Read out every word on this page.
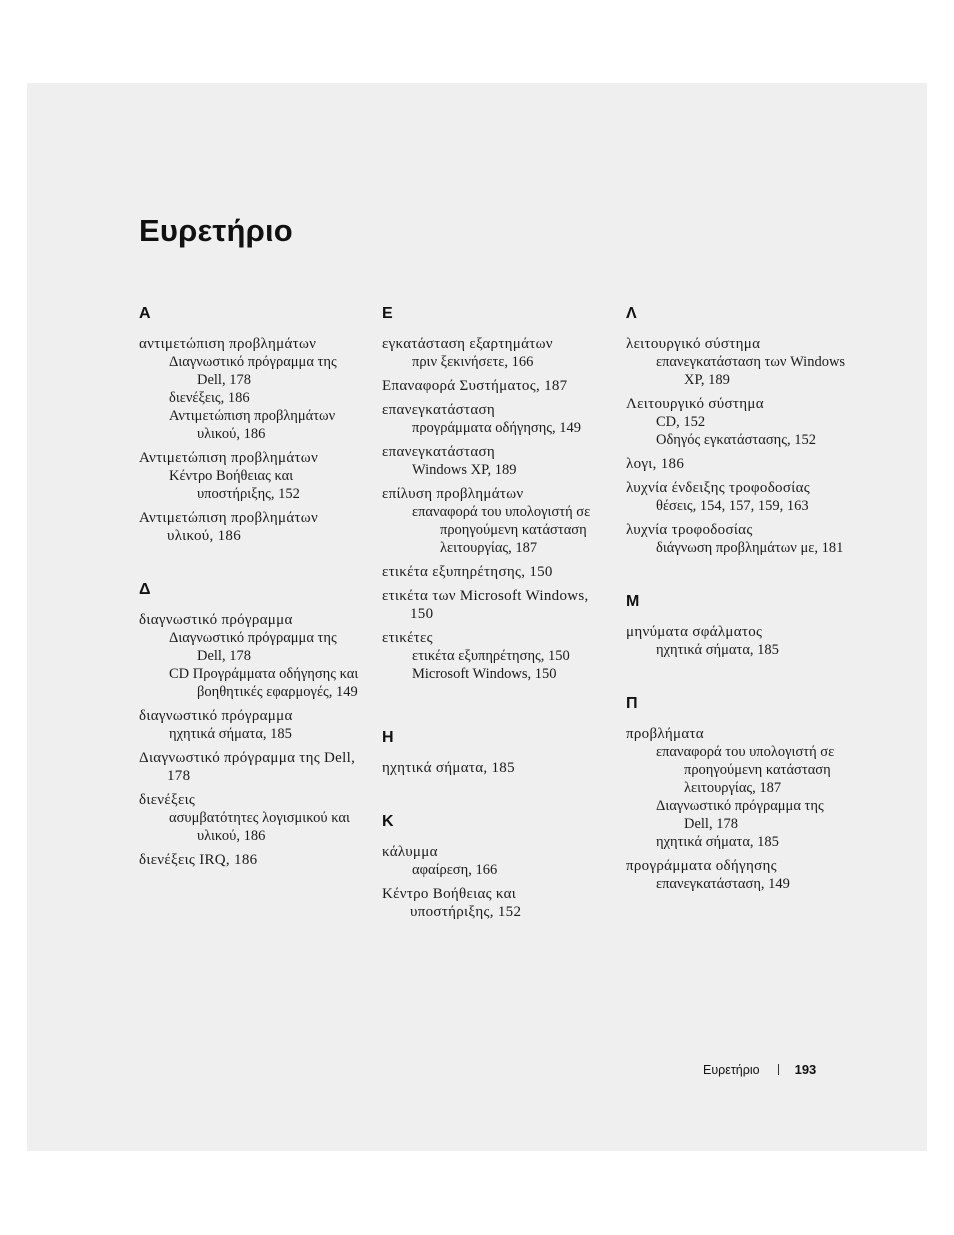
Ευρετήριο
Α
αντιμετώπιση προβλημάτων
Διαγνωστικό πρόγραμμα της Dell, 178
διενέξεις, 186
Αντιμετώπιση προβλημάτων υλικού, 186
Αντιμετώπιση προβλημάτων
Κέντρο Βοήθειας και υποστήριξης, 152
Αντιμετώπιση προβλημάτων υλικού, 186
Δ
διαγνωστικό πρόγραμμα
Διαγνωστικό πρόγραμμα της Dell, 178
CD Προγράμματα οδήγησης και βοηθητικές εφαρμογές, 149
διαγνωστικό πρόγραμμα
ηχητικά σήματα, 185
Διαγνωστικό πρόγραμμα της Dell, 178
διενέξεις
ασυμβατότητες λογισμικού και υλικού, 186
διενέξεις IRQ, 186
Ε
εγκατάσταση εξαρτημάτων
πριν ξεκινήσετε, 166
Επαναφορά Συστήματος, 187
επανεγκατάσταση
προγράμματα οδήγησης, 149
επανεγκατάσταση
Windows XP, 189
επίλυση προβλημάτων
επαναφορά του υπολογιστή σε προηγούμενη κατάσταση λειτουργίας, 187
ετικέτα εξυπηρέτησης, 150
ετικέτα των Microsoft Windows, 150
ετικέτες
ετικέτα εξυπηρέτησης, 150
Microsoft Windows, 150
Η
ηχητικά σήματα, 185
Κ
κάλυμμα
αφαίρεση, 166
Κέντρο Βοήθειας και υποστήριξης, 152
Λ
λειτουργικό σύστημα
επανεγκατάσταση των Windows XP, 189
Λειτουργικό σύστημα
CD, 152
Οδηγός εγκατάστασης, 152
λογι, 186
λυχνία ένδειξης τροφοδοσίας
θέσεις, 154, 157, 159, 163
λυχνία τροφοδοσίας
διάγνωση προβλημάτων με, 181
Μ
μηνύματα σφάλματος
ηχητικά σήματα, 185
Π
προβλήματα
επαναφορά του υπολογιστή σε προηγούμενη κατάσταση λειτουργίας, 187
Διαγνωστικό πρόγραμμα της Dell, 178
ηχητικά σήματα, 185
προγράμματα οδήγησης
επανεγκατάσταση, 149
Ευρετήριο	193
